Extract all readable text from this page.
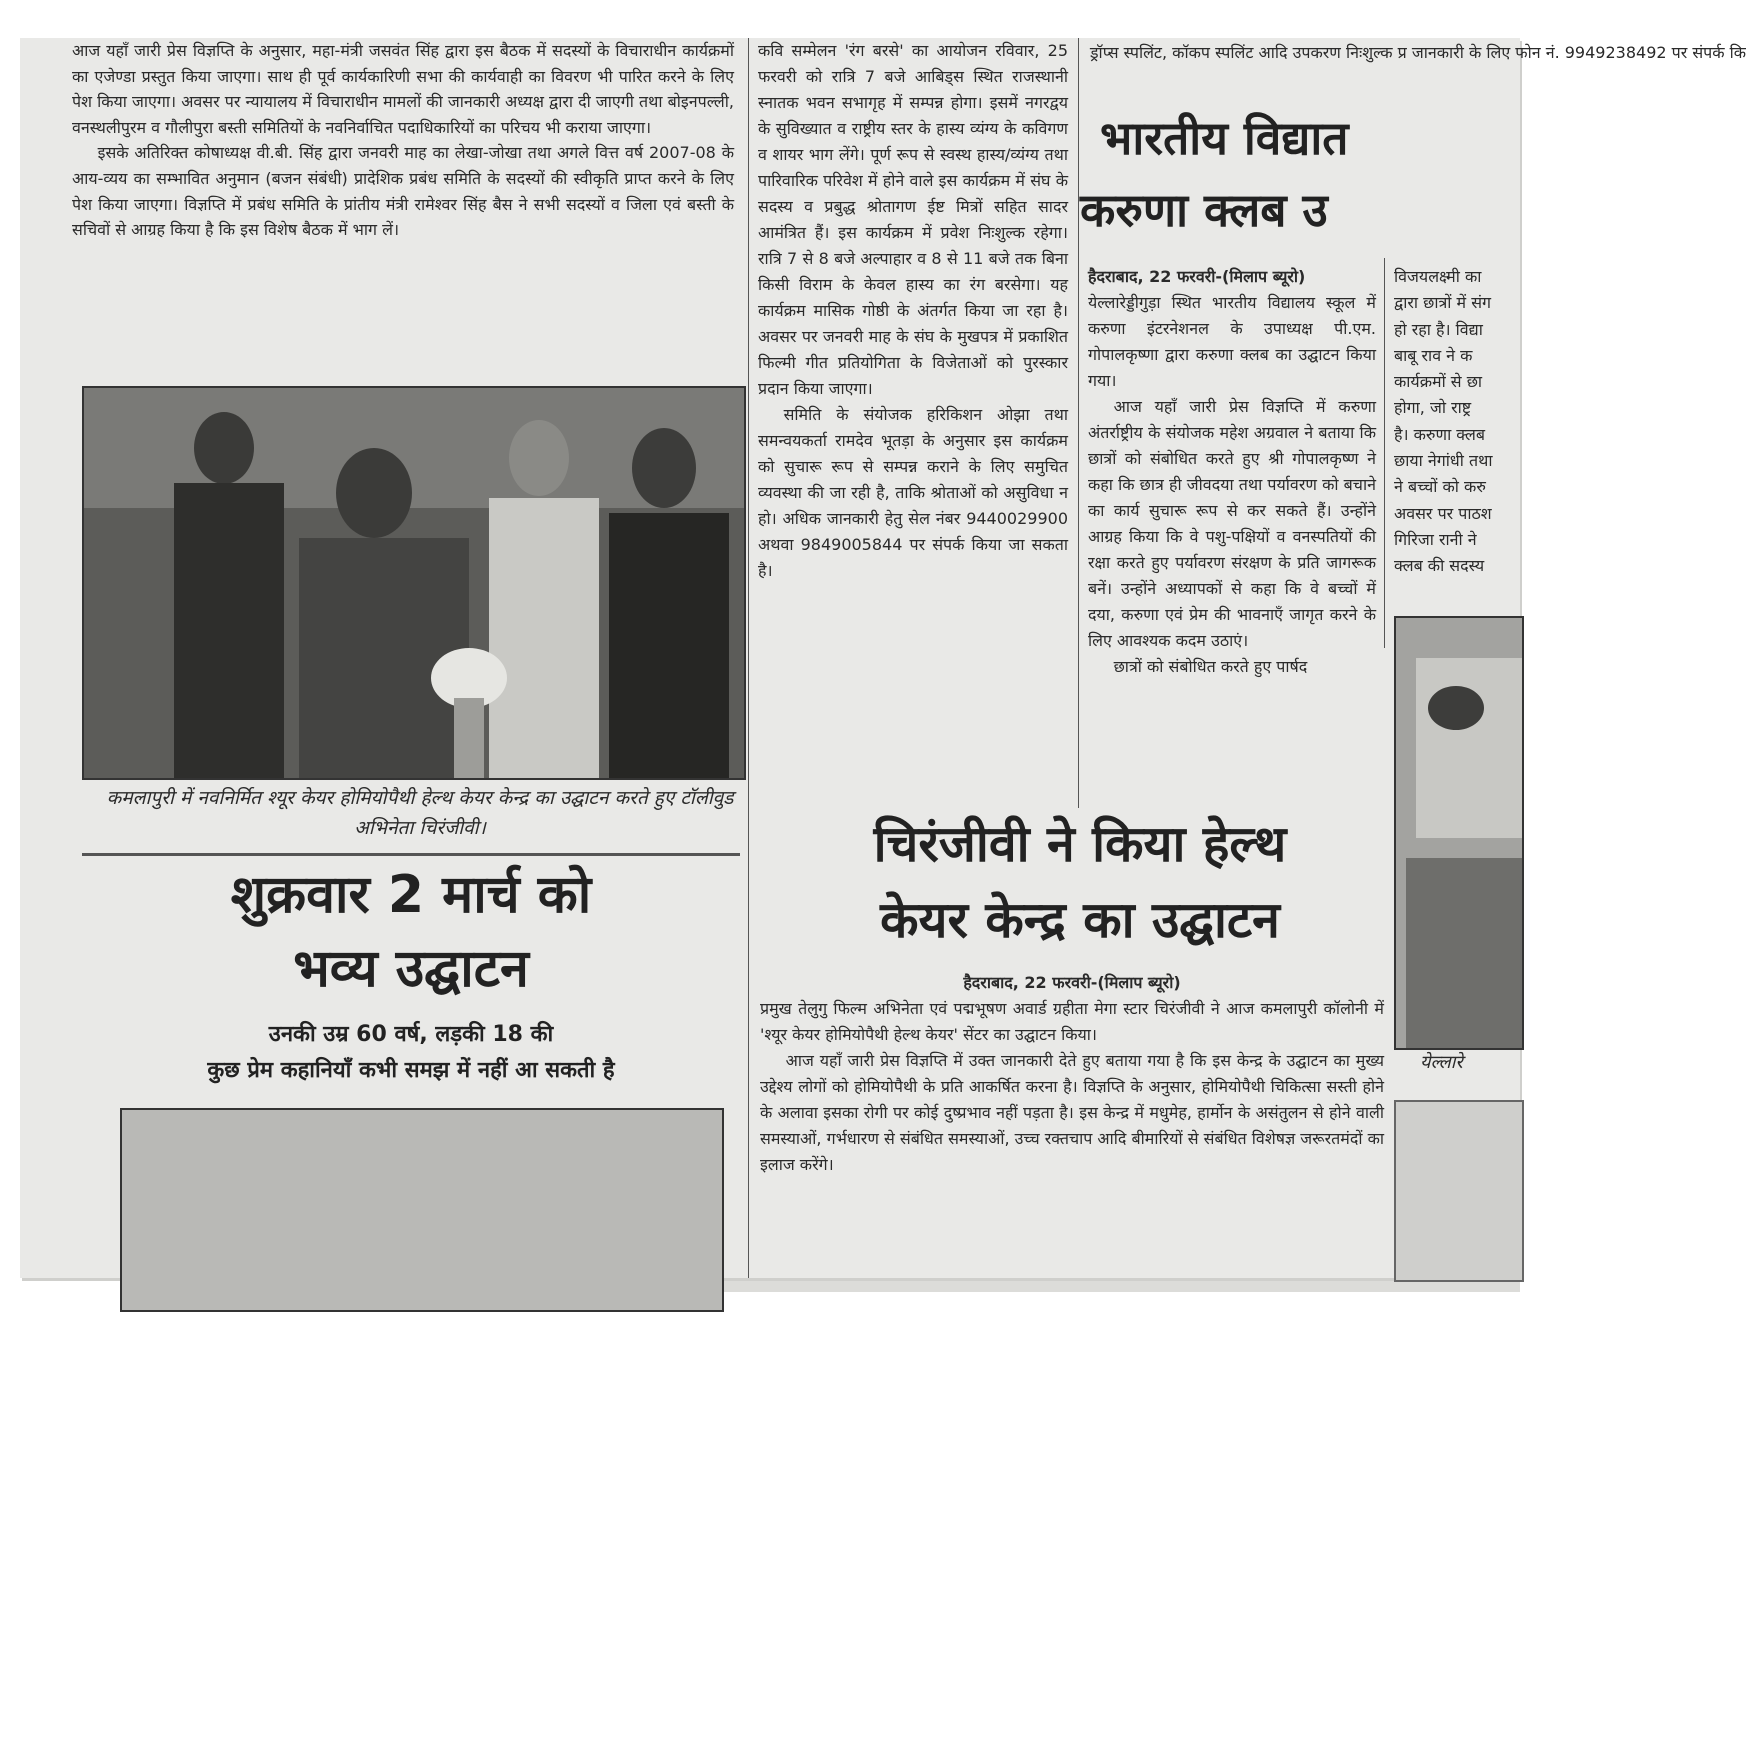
आज यहाँ जारी प्रेस विज्ञप्ति के अनुसार, महा-मंत्री जसवंत सिंह द्वारा इस बैठक में सदस्यों के विचाराधीन कार्यक्रमों का एजेण्डा प्रस्तुत किया जाएगा। साथ ही पूर्व कार्यकारिणी सभा की कार्यवाही का विवरण भी पारित करने के लिए पेश किया जाएगा। अवसर पर न्यायालय में विचाराधीन मामलों की जानकारी अध्यक्ष द्वारा दी जाएगी तथा बोइनपल्ली, वनस्थलीपुरम व गौलीपुरा बस्ती समितियों के नवनिर्वाचित पदाधिकारियों का परिचय भी कराया जाएगा।

इसके अतिरिक्त कोषाध्यक्ष वी.बी. सिंह द्वारा जनवरी माह का लेखा-जोखा तथा अगले वित्त वर्ष 2007-08 के आय-व्यय का सम्भावित अनुमान (बजन संबंधी) प्रादेशिक प्रबंध समिति के सदस्यों की स्वीकृति प्राप्त करने के लिए पेश किया जाएगा। विज्ञप्ति में प्रबंध समिति के प्रांतीय मंत्री रामेश्वर सिंह बैस ने सभी सदस्यों व जिला एवं बस्ती के सचिवों से आग्रह किया है कि इस विशेष बैठक में भाग लें।

कमलापुरी में नवनिर्मित श्यूर केयर होमियोपैथी हेल्थ केयर केन्द्र का उद्घाटन करते हुए टॉलीवुड अभिनेता चिरंजीवी।
शुक्रवार 2 मार्च को
भव्य उद्घाटन
उनकी उम्र 60 वर्ष, लड़की 18 की
कुछ प्रेम कहानियाँ कभी समझ में नहीं आ सकती है

कवि सम्मेलन 'रंग बरसे' का आयोजन रविवार, 25 फरवरी को रात्रि 7 बजे आबिड्स स्थित राजस्थानी स्नातक भवन सभागृह में सम्पन्न होगा। इसमें नगरद्वय के सुविख्यात व राष्ट्रीय स्तर के हास्य व्यंग्य के कविगण व शायर भाग लेंगे। पूर्ण रूप से स्वस्थ हास्य/व्यंग्य तथा पारिवारिक परिवेश में होने वाले इस कार्यक्रम में संघ के सदस्य व प्रबुद्ध श्रोतागण ईष्ट मित्रों सहित सादर आमंत्रित हैं। इस कार्यक्रम में प्रवेश निःशुल्क रहेगा। रात्रि 7 से 8 बजे अल्पाहार व 8 से 11 बजे तक बिना किसी विराम के केवल हास्य का रंग बरसेगा। यह कार्यक्रम मासिक गोष्ठी के अंतर्गत किया जा रहा है। अवसर पर जनवरी माह के संघ के मुखपत्र में प्रकाशित फिल्मी गीत प्रतियोगिता के विजेताओं को पुरस्कार प्रदान किया जाएगा।

समिति के संयोजक हरिकिशन ओझा तथा समन्वयकर्ता रामदेव भूतड़ा के अनुसार इस कार्यक्रम को सुचारू रूप से सम्पन्न कराने के लिए समुचित व्यवस्था की जा रही है, ताकि श्रोताओं को असुविधा न हो। अधिक जानकारी हेतु सेल नंबर 9440029900 अथवा 9849005844 पर संपर्क किया जा सकता है।

ड्रॉप्स स्पलिंट, कॉकप स्पलिंट आदि उपकरण निःशुल्क प्र जानकारी के लिए फोन नं. 9949238492 पर संपर्क कि
भारतीय विद्यात
करुणा क्लब उ

हैदराबाद, 22 फरवरी-(मिलाप ब्यूरो)

येल्लारेड्डीगुड़ा स्थित भारतीय विद्यालय स्कूल में करुणा इंटरनेशनल के उपाध्यक्ष पी.एम. गोपालकृष्णा द्वारा करुणा क्लब का उद्घाटन किया गया।

आज यहाँ जारी प्रेस विज्ञप्ति में करुणा अंतर्राष्ट्रीय के संयोजक महेश अग्रवाल ने बताया कि छात्रों को संबोधित करते हुए श्री गोपालकृष्ण ने कहा कि छात्र ही जीवदया तथा पर्यावरण को बचाने का कार्य सुचारू रूप से कर सकते हैं। उन्होंने आग्रह किया कि वे पशु-पक्षियों व वनस्पतियों की रक्षा करते हुए पर्यावरण संरक्षण के प्रति जागरूक बनें। उन्होंने अध्यापकों से कहा कि वे बच्चों में दया, करुणा एवं प्रेम की भावनाएँ जागृत करने के लिए आवश्यक कदम उठाएं।

छात्रों को संबोधित करते हुए पार्षद

विजयलक्ष्मी का
द्वारा छात्रों में संग
हो रहा है। विद्या
बाबू राव ने क
कार्यक्रमों से छा
होगा, जो राष्ट्र
है। करुणा क्लब
छाया नेगांधी तथा
ने बच्चों को करु
अवसर पर पाठश
गिरिजा रानी ने
क्लब की सदस्य
येल्लारे
चिरंजीवी ने किया हेल्थ
केयर केन्द्र का उद्घाटन

हैदराबाद, 22 फरवरी-(मिलाप ब्यूरो)

प्रमुख तेलुगु फिल्म अभिनेता एवं पद्मभूषण अवार्ड ग्रहीता मेगा स्टार चिरंजीवी ने आज कमलापुरी कॉलोनी में 'श्यूर केयर होमियोपैथी हेल्थ केयर' सेंटर का उद्घाटन किया।

आज यहाँ जारी प्रेस विज्ञप्ति में उक्त जानकारी देते हुए बताया गया है कि इस केन्द्र के उद्घाटन का मुख्य उद्देश्य लोगों को होमियोपैथी के प्रति आकर्षित करना है। विज्ञप्ति के अनुसार, होमियोपैथी चिकित्सा सस्ती होने के अलावा इसका रोगी पर कोई दुष्प्रभाव नहीं पड़ता है। इस केन्द्र में मधुमेह, हार्मोन के असंतुलन से होने वाली समस्याओं, गर्भधारण से संबंधित समस्याओं, उच्च रक्तचाप आदि बीमारियों से संबंधित विशेषज्ञ जरूरतमंदों का इलाज करेंगे।
